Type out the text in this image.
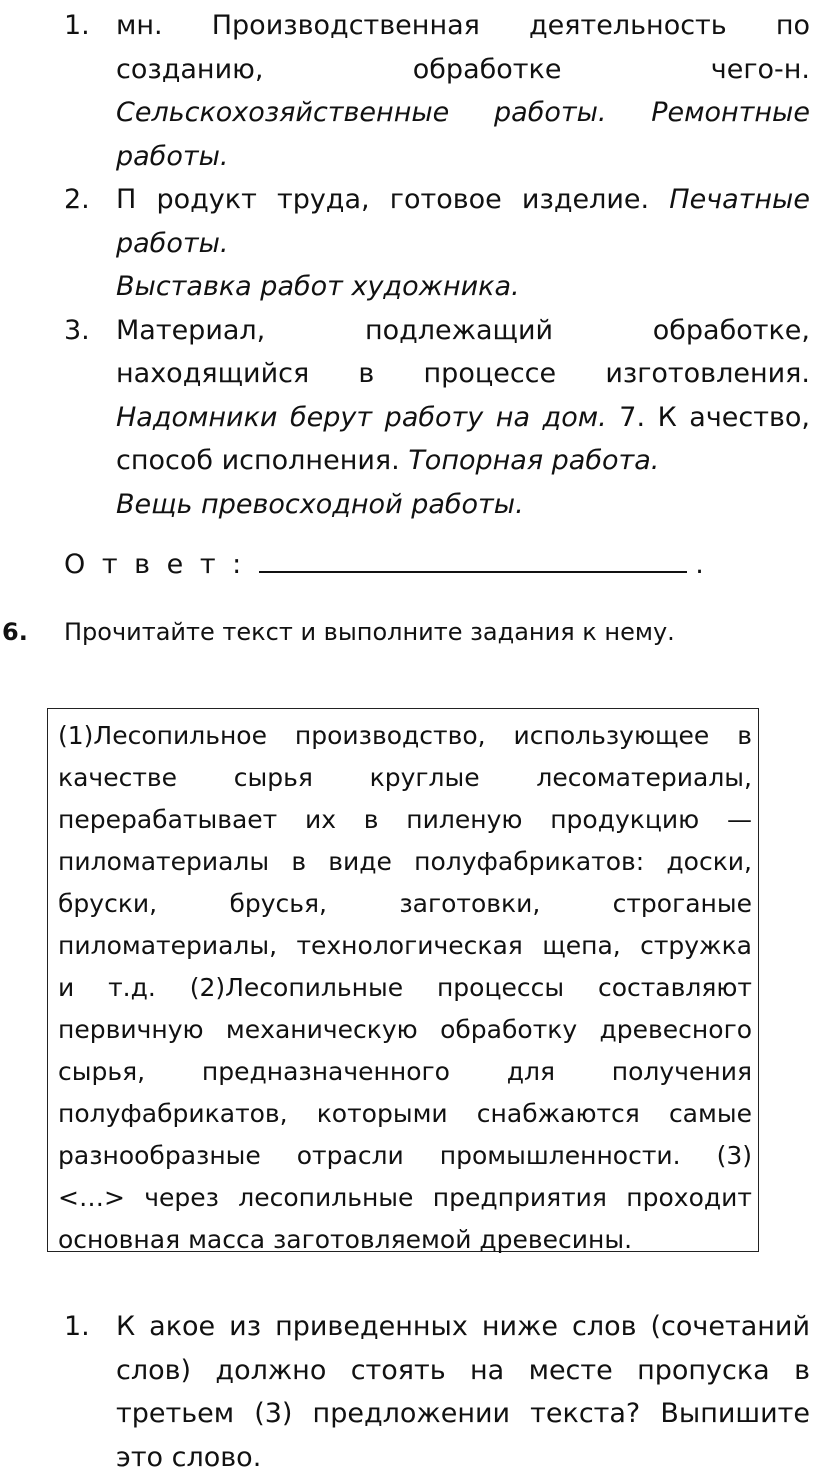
1. мн. Производственная деятельность по
созданию, обработке чего-н.
Сельскохозяйственные работы. Ремонтные
работы.
2. П родукт труда, готовое изделие. Печатные
работы.
Выставка работ художника.
3. Материал, подлежащий обработке,
находящийся в процессе изготовления.
Надомники берут работу на дом. 7. К ачество,
способ исполнения. Топорная работа.
Вещь превосходной работы.
О т в е т :	.
6. Прочитайте текст и выполните задания к нему.
(1)Лесопильное производство, использующее в
качестве сырья круглые лесоматериалы,
перерабатывает их в пиленую продукцию —
пиломатериалы в виде полуфабрикатов: доски,
бруски, брусья, заготовки, строганые
пиломатериалы, технологическая щепа, стружка
и т.д. (2)Лесопильные процессы составляют
первичную механическую обработку древесного
сырья, предназначенного для получения
полуфабрикатов, которыми снабжаются самые
разнообразные отрасли промышленности. (3)
<…> через лесопильные предприятия проходит
основная масса заготовляемой древесины.
1. К акое из приведенных ниже слов (сочетаний
слов) должно стоять на месте пропуска в
третьем (3) предложении текста? Выпишите
это слово.
